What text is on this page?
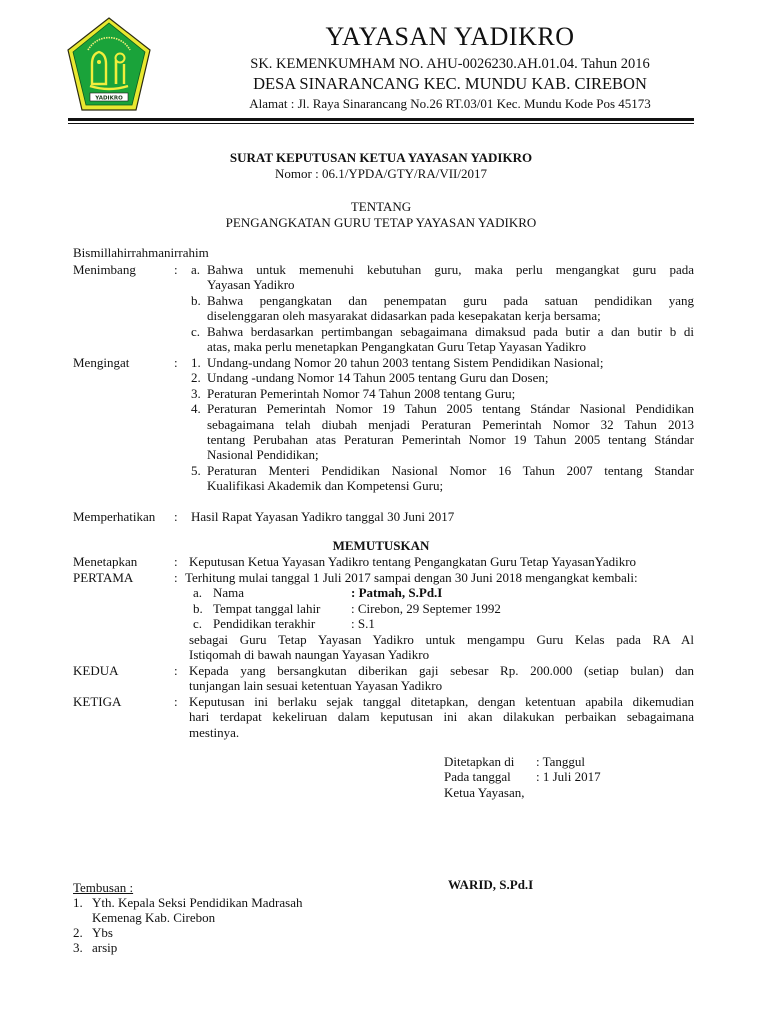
YADIKRO
YAYASAN YADIKRO
SK. KEMENKUMHAM NO. AHU-0026230.AH.01.04. Tahun 2016
DESA SINARANCANG KEC. MUNDU KAB. CIREBON
Alamat : Jl. Raya Sinarancang No.26 RT.03/01 Kec. Mundu Kode Pos 45173
SURAT KEPUTUSAN KETUA YAYASAN YADIKRO
Nomor : 06.1/YPDA/GTY/RA/VII/2017
TENTANG
PENGANGKATAN GURU TETAP YAYASAN YADIKRO
Bismillahirrahmanirrahim
Menimbang	: a. Bahwa untuk memenuhi kebutuhan guru, maka perlu mengangkat guru pada
Yayasan Yadikro
b. Bahwa pengangkatan dan penempatan guru pada satuan pendidikan yang
diselenggaran oleh masyarakat didasarkan pada kesepakatan kerja bersama;
c. Bahwa berdasarkan pertimbangan sebagaimana dimaksud pada butir a dan butir b di
atas, maka perlu menetapkan Pengangkatan Guru Tetap Yayasan Yadikro
Mengingat	: 1. Undang-undang Nomor 20 tahun 2003 tentang Sistem Pendidikan Nasional;
2. Undang -undang Nomor 14 Tahun 2005 tentang Guru dan Dosen;
3. Peraturan Pemerintah Nomor 74 Tahun 2008 tentang Guru;
4. Peraturan Pemerintah Nomor 19 Tahun 2005 tentang Stándar Nasional Pendidikan
sebagaimana telah diubah menjadi Peraturan Pemerintah Nomor 32 Tahun 2013
tentang Perubahan atas Peraturan Pemerintah Nomor 19 Tahun 2005 tentang Stándar
Nasional Pendidikan;
5. Peraturan Menteri Pendidikan Nasional Nomor 16 Tahun 2007 tentang Standar
Kualifikasi Akademik dan Kompetensi Guru;
Memperhatikan : Hasil Rapat Yayasan Yadikro tanggal 30 Juni 2017
MEMUTUSKAN
Menetapkan	: Keputusan Ketua Yayasan Yadikro tentang Pengangkatan Guru Tetap YayasanYadikro
PERTAMA	: Terhitung mulai tanggal 1 Juli 2017 sampai dengan 30 Juni 2018 mengangkat kembali:
a. Nama	: Patmah, S.Pd.I
b. Tempat tanggal lahir : Cirebon, 29 Septemer 1992
c. Pendidikan terakhir	: S.1
sebagai Guru Tetap Yayasan Yadikro untuk mengampu Guru Kelas pada RA Al
Istiqomah di bawah naungan Yayasan Yadikro
KEDUA	: Kepada yang bersangkutan diberikan gaji sebesar Rp. 200.000 (setiap bulan) dan
tunjangan lain sesuai ketentuan Yayasan Yadikro
KETIGA	: Keputusan ini berlaku sejak tanggal ditetapkan, dengan ketentuan apabila dikemudian
hari terdapat kekeliruan dalam keputusan ini akan dilakukan perbaikan sebagaimana
mestinya.
Ditetapkan di : Tanggul
Pada tanggal : 1 Juli 2017
Ketua Yayasan,
WARID, S.Pd.I
Tembusan :
1. Yth. Kepala Seksi Pendidikan Madrasah
Kemenag Kab. Cirebon
2. Ybs
3. arsip
